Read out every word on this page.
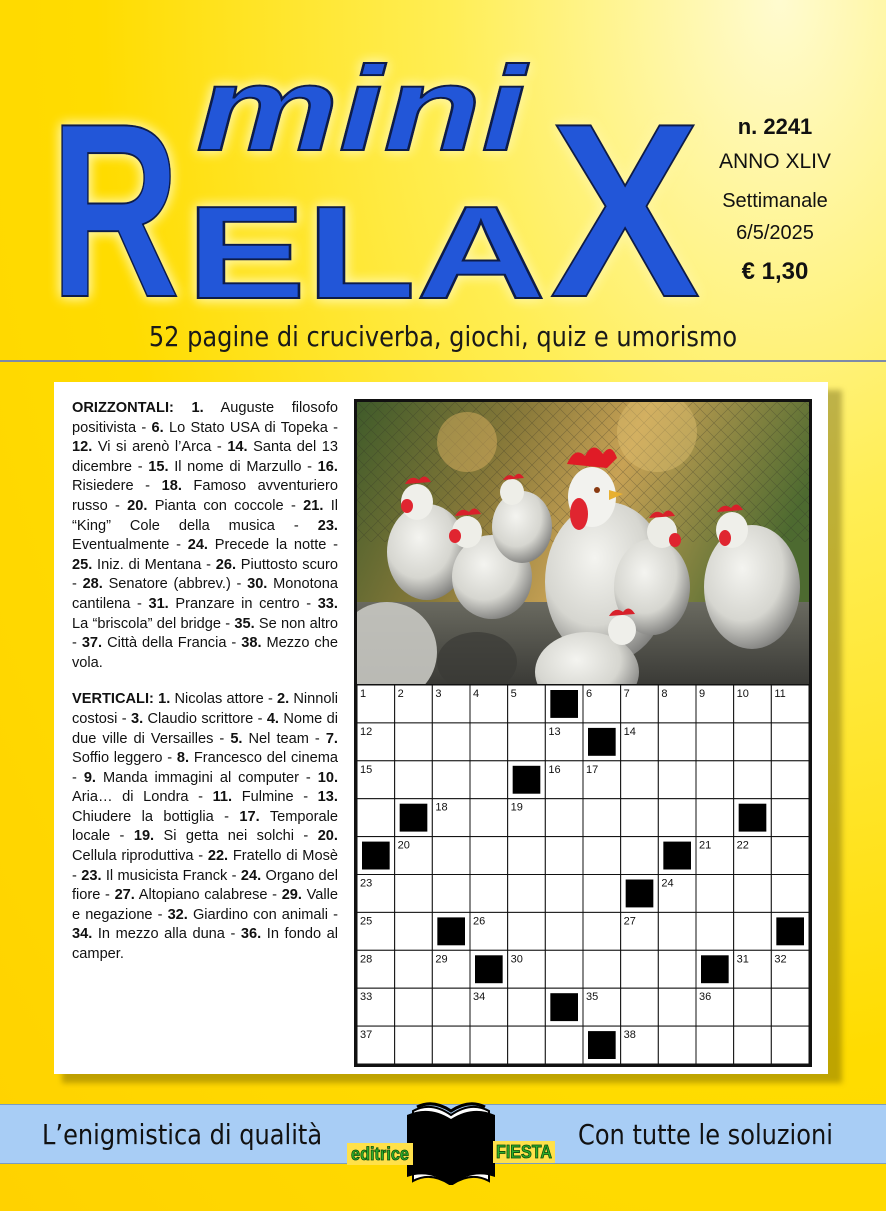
R ELA X
mini	n. 2241
ANNO XLIV
Settimanale
6/5/2025
€ 1,30
52 pagine di cruciverba, giochi, quiz e umorismo

ORIZZONTALI: 1. Auguste filosofo positivista - 6. Lo Stato USA di Topeka - 12. Vi si arenò l’Arca - 14. Santa del 13 dicembre - 15. Il nome di Marzullo - 16. Risiedere - 18. Famoso avventuriero russo - 20. Pianta con coccole - 21. Il “King” Cole della musica - 23. Eventualmente - 24. Precede la notte - 25. Iniz. di Mentana - 26. Piuttosto scuro - 28. Senatore (abbrev.) - 30. Monotona cantilena - 31. Pranzare in centro - 33. La “briscola” del bridge - 35. Se non altro - 37. Città della Francia - 38. Mezzo che vola.

VERTICALI: 1. Nicolas attore - 2. Ninnoli costosi - 3. Claudio scrittore - 4. Nome di due ville di Versailles - 5. Nel team - 7. Soffio leggero - 8. Francesco del cinema - 9. Manda immagini al computer - 10. Aria… di Londra - 11. Fulmine - 13. Chiudere la bottiglia - 17. Temporale locale - 19. Si getta nei solchi - 20. Cellula riproduttiva - 22. Fratello di Mosè - 23. Il musicista Franck - 24. Organo del fiore - 27. Altopiano calabrese - 29. Valle e negazione - 32. Giardino con animali - 34. In mezzo alla duna - 36. In fondo al camper.

1	2	3	4	5	6	7	8	9	10 11
12	13	14
15	16 17
18	19
20	21 22
23	24
25	26	27
28	29	30	31 32
33	34	35	36
37	38
L’enigmistica di qualità	Con tutte le soluzioni
editrice	FIESTA
